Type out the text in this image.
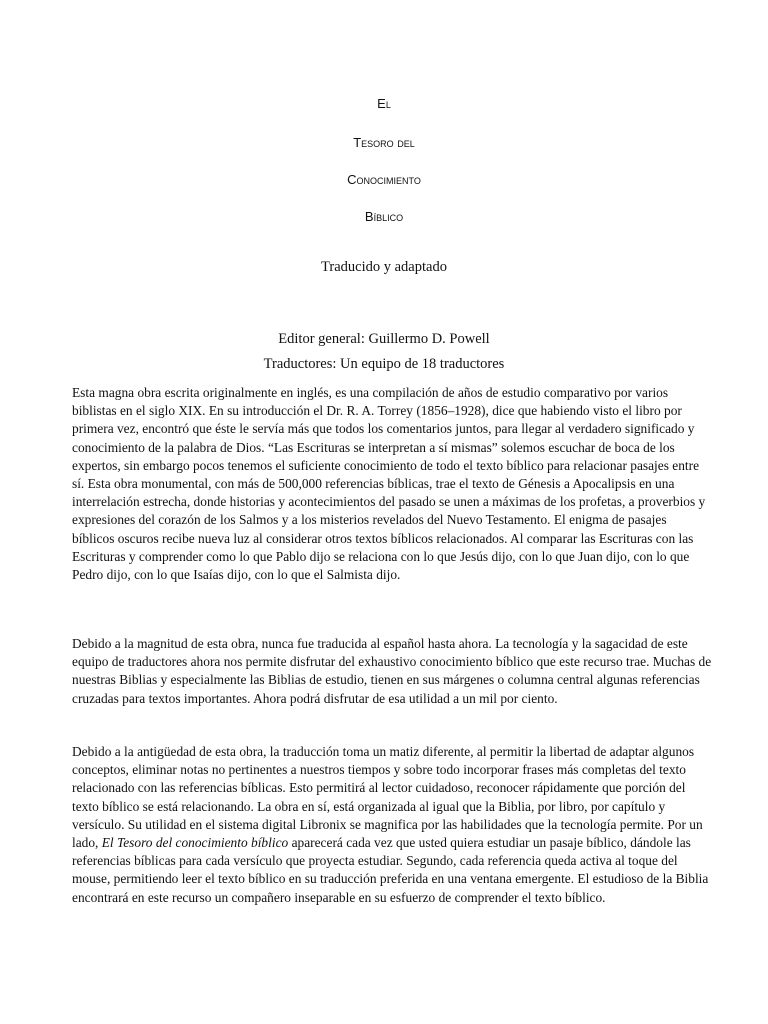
El
Tesoro del
Conocimiento
Bíblico
Traducido y adaptado
Editor general: Guillermo D. Powell
Traductores: Un equipo de 18 traductores

Esta magna obra escrita originalmente en inglés, es una compilación de años de estudio comparativo por varios biblistas en el siglo XIX. En su introducción el Dr. R. A. Torrey (1856–1928), dice que habiendo visto el libro por primera vez, encontró que éste le servía más que todos los comentarios juntos, para llegar al verdadero significado y conocimiento de la palabra de Dios. “Las Escrituras se interpretan a sí mismas” solemos escuchar de boca de los expertos, sin embargo pocos tenemos el suficiente conocimiento de todo el texto bíblico para relacionar pasajes entre sí. Esta obra monumental, con más de 500,000 referencias bíblicas, trae el texto de Génesis a Apocalipsis en una interrelación estrecha, donde historias y acontecimientos del pasado se unen a máximas de los profetas, a proverbios y expresiones del corazón de los Salmos y a los misterios revelados del Nuevo Testamento. El enigma de pasajes bíblicos oscuros recibe nueva luz al considerar otros textos bíblicos relacionados. Al comparar las Escrituras con las Escrituras y comprender como lo que Pablo dijo se relaciona con lo que Jesús dijo, con lo que Juan dijo, con lo que Pedro dijo, con lo que Isaías dijo, con lo que el Salmista dijo.

Debido a la magnitud de esta obra, nunca fue traducida al español hasta ahora. La tecnología y la sagacidad de este equipo de traductores ahora nos permite disfrutar del exhaustivo conocimiento bíblico que este recurso trae. Muchas de nuestras Biblias y especialmente las Biblias de estudio, tienen en sus márgenes o columna central algunas referencias cruzadas para textos importantes. Ahora podrá disfrutar de esa utilidad a un mil por ciento.

Debido a la antigüedad de esta obra, la traducción toma un matiz diferente, al permitir la libertad de adaptar algunos conceptos, eliminar notas no pertinentes a nuestros tiempos y sobre todo incorporar frases más completas del texto relacionado con las referencias bíblicas. Esto permitirá al lector cuidadoso, reconocer rápidamente que porción del texto bíblico se está relacionando. La obra en sí, está organizada al igual que la Biblia, por libro, por capítulo y versículo. Su utilidad en el sistema digital Libronix se magnifica por las habilidades que la tecnología permite. Por un lado, El Tesoro del conocimiento bíblico aparecerá cada vez que usted quiera estudiar un pasaje bíblico, dándole las referencias bíblicas para cada versículo que proyecta estudiar. Segundo, cada referencia queda activa al toque del mouse, permitiendo leer el texto bíblico en su traducción preferida en una ventana emergente. El estudioso de la Biblia encontrará en este recurso un compañero inseparable en su esfuerzo de comprender el texto bíblico.
